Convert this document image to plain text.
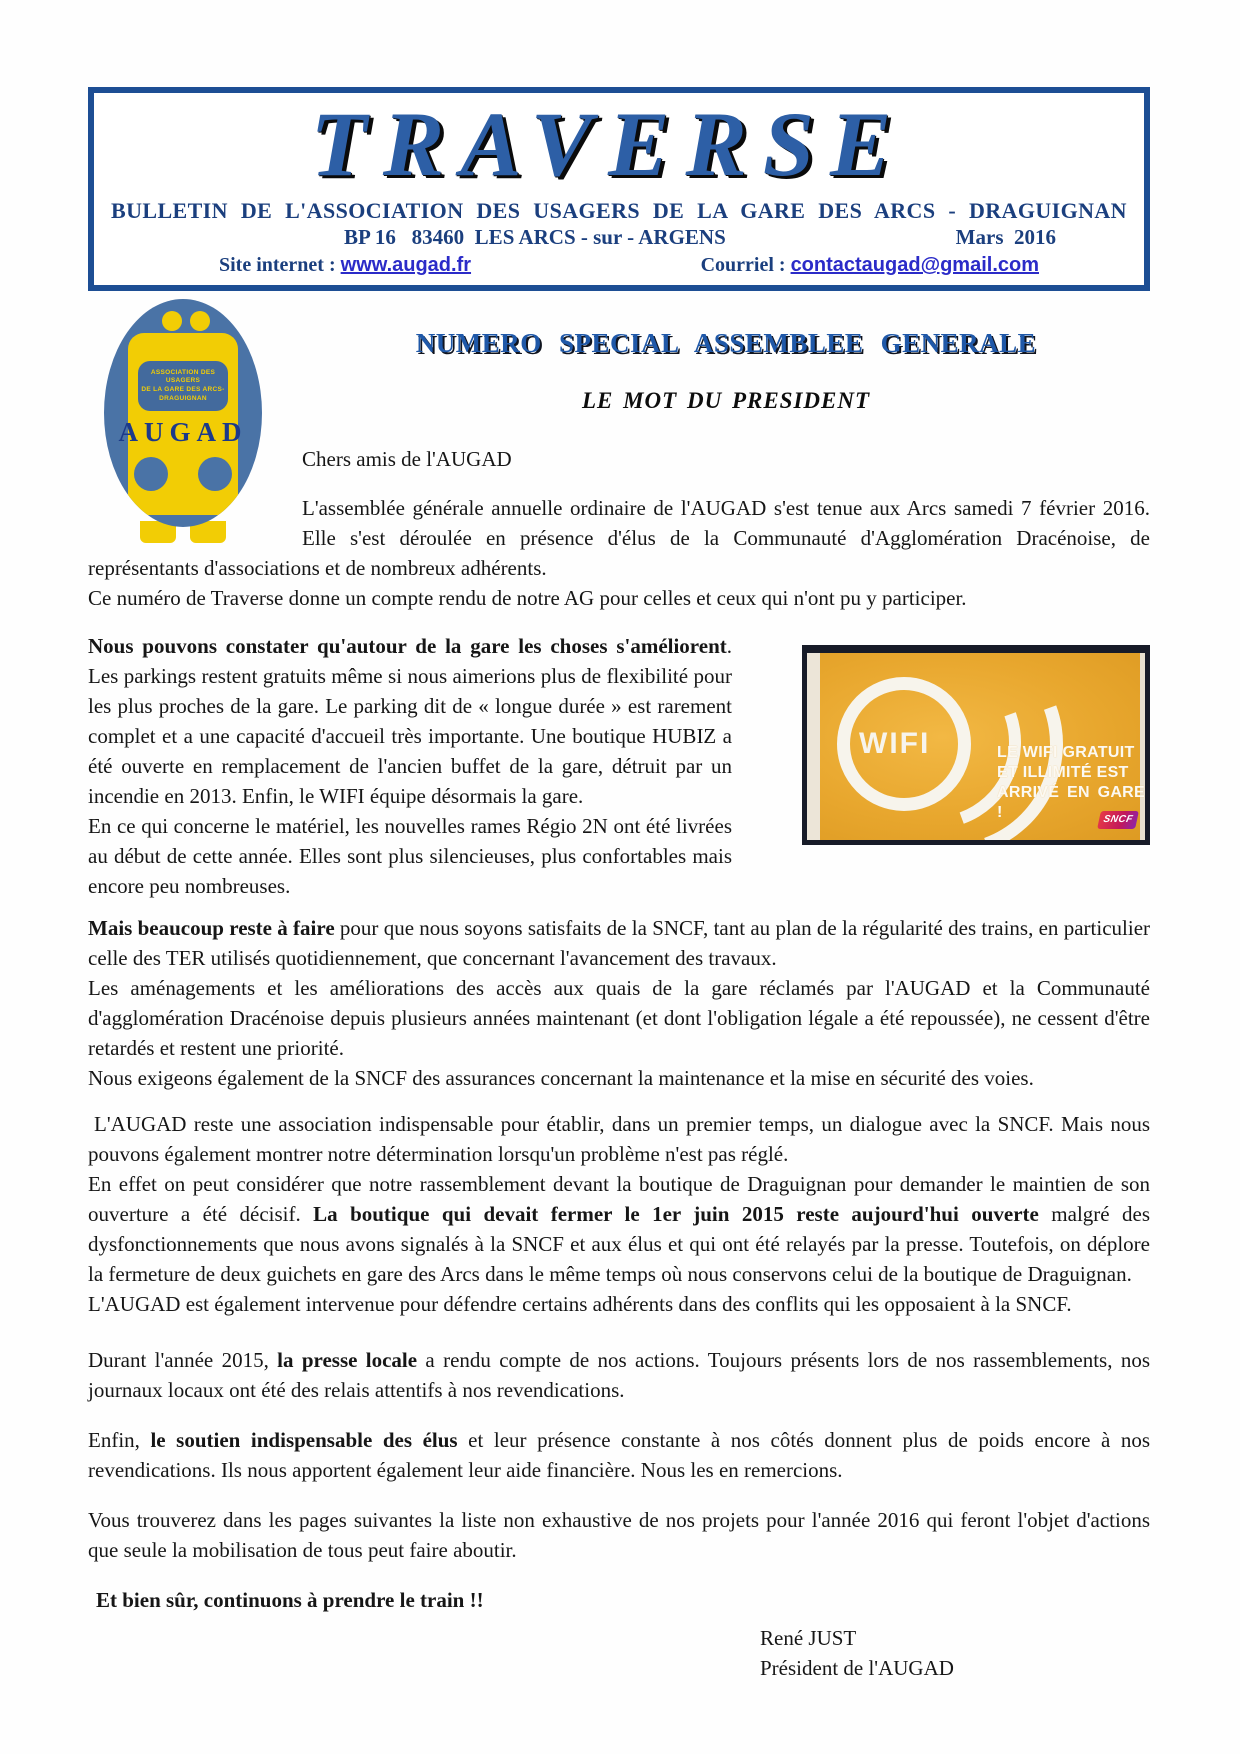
TRAVERSE
BULLETIN DE L'ASSOCIATION DES USAGERS DE LA GARE DES ARCS - DRAGUIGNAN
BP 16   83460  LES ARCS - sur - ARGENS	Mars  2016
Site internet : www.augad.fr	Courriel : contactaugad@gmail.com
ASSOCIATION DES USAGERS
DE LA GARE DES ARCS-
DRAGUIGNAN
AUGAD
NUMERO SPECIAL ASSEMBLEE GENERALE
LE MOT DU PRESIDENT

Chers amis de l'AUGAD

L'assemblée générale annuelle ordinaire de l'AUGAD s'est tenue aux Arcs samedi 7 février 2016. Elle s'est déroulée en présence d'élus de la Communauté d'Agglomération Dracénoise, de représentants d'associations et de nombreux adhérents.

Ce numéro de Traverse donne un compte rendu de notre AG pour celles et ceux qui n'ont pu y participer.

WIFI	LE WIFI GRATUIT
ET ILLIMITÉ EST
ARRIVÉ EN GARE !	SNCF
Nous pouvons constater qu'autour de la gare les choses s'améliorent. Les parkings restent gratuits même si nous aimerions plus de flexibilité pour les plus proches de la gare. Le parking dit de « longue durée » est rarement complet et a une capacité d'accueil très importante. Une boutique HUBIZ a été ouverte en remplacement de l'ancien buffet de la gare, détruit par un incendie en 2013. Enfin, le WIFI équipe désormais la gare.
En ce qui concerne le matériel, les nouvelles rames Régio 2N ont été livrées au début de cette année. Elles sont plus silencieuses, plus confortables mais encore peu nombreuses.

Mais beaucoup reste à faire pour que nous soyons satisfaits de la SNCF, tant au plan de la régularité des trains, en particulier celle des TER utilisés quotidiennement, que concernant l'avancement des travaux.
Les aménagements et les améliorations des accès aux quais de la gare réclamés par l'AUGAD et la Communauté d'agglomération Dracénoise depuis plusieurs années maintenant (et dont l'obligation légale a été repoussée), ne cessent d'être retardés et restent une priorité.
Nous exigeons également de la SNCF des assurances concernant la maintenance et la mise en sécurité des voies.

L'AUGAD reste une association indispensable pour établir, dans un premier temps, un dialogue avec la SNCF. Mais nous pouvons également montrer notre détermination lorsqu'un problème n'est pas réglé.
En effet on peut considérer que notre rassemblement devant la boutique de Draguignan pour demander le maintien de son ouverture a été décisif. La boutique qui devait fermer le 1er juin 2015 reste aujourd'hui ouverte malgré des dysfonctionnements que nous avons signalés à la SNCF et aux élus et qui ont été relayés par la presse. Toutefois, on déplore la fermeture de deux guichets en gare des Arcs dans le même temps où nous conservons celui de la boutique de Draguignan.
L'AUGAD est également intervenue pour défendre certains adhérents dans des conflits qui les opposaient à la SNCF.

Durant l'année 2015, la presse locale a rendu compte de nos actions. Toujours présents lors de nos rassemblements, nos journaux locaux ont été des relais attentifs à nos revendications.

Enfin, le soutien indispensable des élus et leur présence constante à nos côtés donnent plus de poids encore à nos revendications. Ils nous apportent également leur aide financière. Nous les en remercions.

Vous trouverez dans les pages suivantes la liste non exhaustive de nos projets pour l'année 2016 qui feront l'objet d'actions que seule la mobilisation de tous peut faire aboutir.

Et bien sûr, continuons à prendre le train !!

René JUST
Président de l'AUGAD
